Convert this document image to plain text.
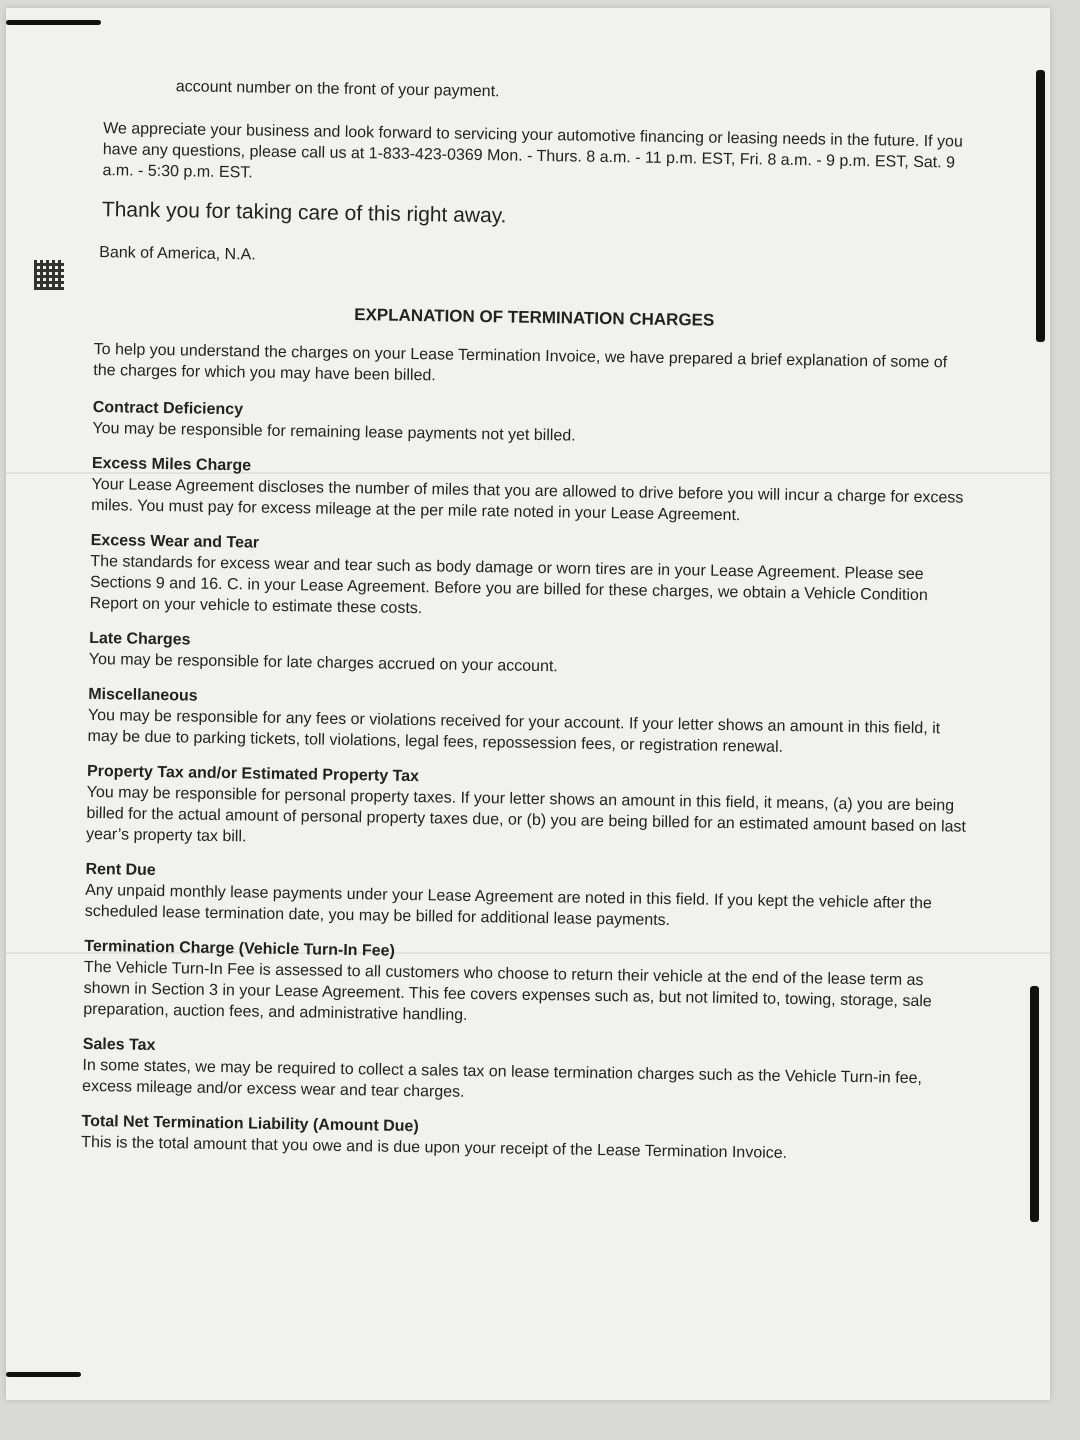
account number on the front of your payment.

We appreciate your business and look forward to servicing your automotive financing or leasing needs in the future. If you have any questions, please call us at 1-833-423-0369 Mon. - Thurs. 8 a.m. - 11 p.m. EST, Fri. 8 a.m. - 9 p.m. EST, Sat. 9 a.m. - 5:30 p.m. EST.

Thank you for taking care of this right away.

Bank of America, N.A.

EXPLANATION OF TERMINATION CHARGES

To help you understand the charges on your Lease Termination Invoice, we have prepared a brief explanation of some of the charges for which you may have been billed.

Contract Deficiency
You may be responsible for remaining lease payments not yet billed.
Excess Miles Charge
Your Lease Agreement discloses the number of miles that you are allowed to drive before you will incur a charge for excess miles. You must pay for excess mileage at the per mile rate noted in your Lease Agreement.
Excess Wear and Tear
The standards for excess wear and tear such as body damage or worn tires are in your Lease Agreement. Please see Sections 9 and 16. C. in your Lease Agreement. Before you are billed for these charges, we obtain a Vehicle Condition Report on your vehicle to estimate these costs.
Late Charges
You may be responsible for late charges accrued on your account.
Miscellaneous
You may be responsible for any fees or violations received for your account. If your letter shows an amount in this field, it may be due to parking tickets, toll violations, legal fees, repossession fees, or registration renewal.
Property Tax and/or Estimated Property Tax
You may be responsible for personal property taxes. If your letter shows an amount in this field, it means, (a) you are being billed for the actual amount of personal property taxes due, or (b) you are being billed for an estimated amount based on last year’s property tax bill.
Rent Due
Any unpaid monthly lease payments under your Lease Agreement are noted in this field. If you kept the vehicle after the scheduled lease termination date, you may be billed for additional lease payments.
Termination Charge (Vehicle Turn-In Fee)
The Vehicle Turn-In Fee is assessed to all customers who choose to return their vehicle at the end of the lease term as shown in Section 3 in your Lease Agreement. This fee covers expenses such as, but not limited to, towing, storage, sale preparation, auction fees, and administrative handling.
Sales Tax
In some states, we may be required to collect a sales tax on lease termination charges such as the Vehicle Turn-in fee, excess mileage and/or excess wear and tear charges.
Total Net Termination Liability (Amount Due)
This is the total amount that you owe and is due upon your receipt of the Lease Termination Invoice.
